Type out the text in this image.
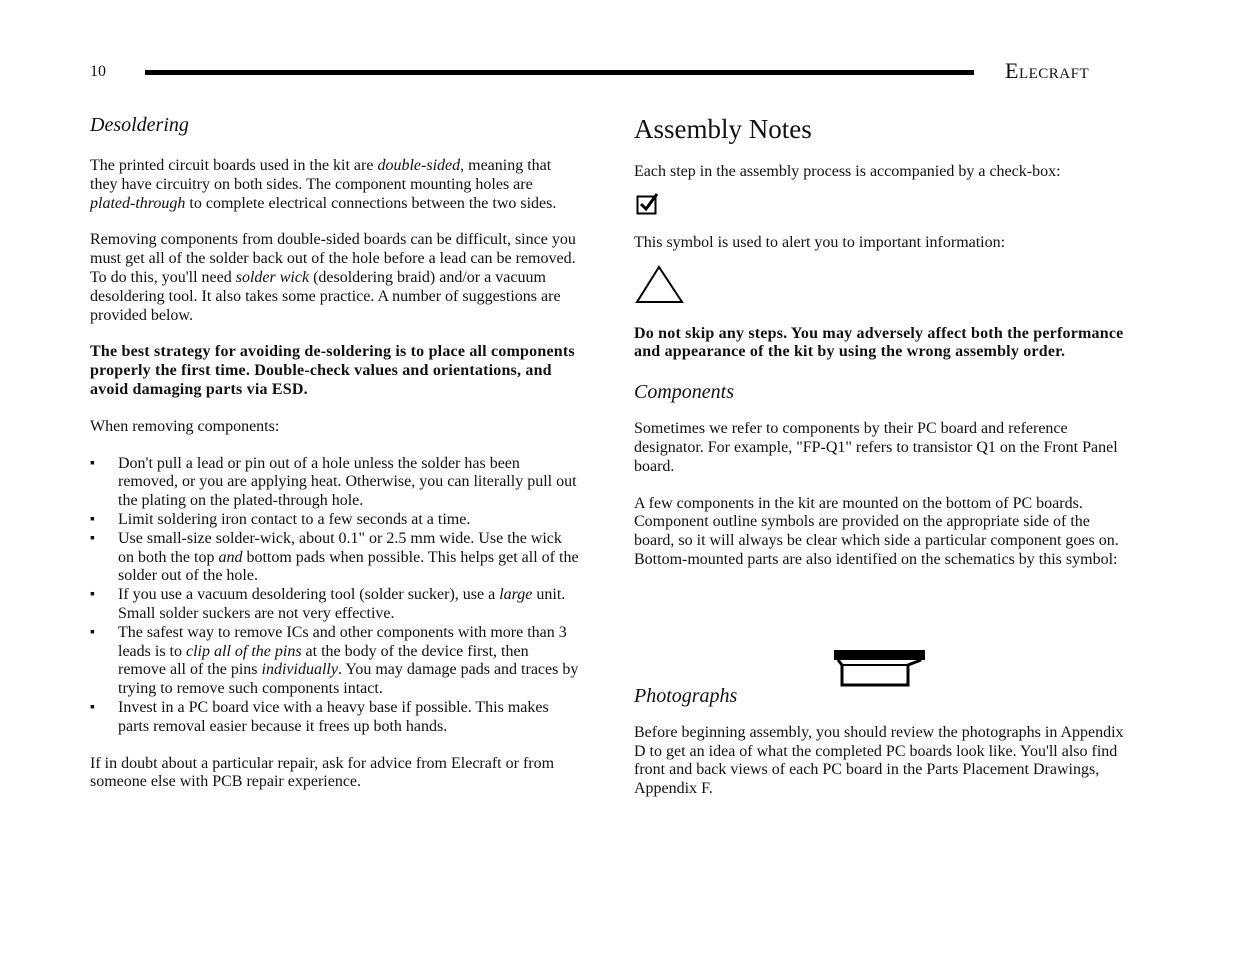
10	ELECRAFT
Desoldering

The printed circuit boards used in the kit are double-sided, meaning that they have circuitry on both sides. The component mounting holes are plated-through to complete electrical connections between the two sides.

Removing components from double-sided boards can be difficult, since you must get all of the solder back out of the hole before a lead can be removed. To do this, you'll need solder wick (desoldering braid) and/or a vacuum desoldering tool. It also takes some practice. A number of suggestions are provided below.

The best strategy for avoiding de-soldering is to place all components properly the first time. Double-check values and orientations, and avoid damaging parts via ESD.

When removing components:

▪ Don't pull a lead or pin out of a hole unless the solder has been removed, or you are applying heat. Otherwise, you can literally pull out the plating on the plated-through hole.
▪ Limit soldering iron contact to a few seconds at a time.
▪ Use small-size solder-wick, about 0.1" or 2.5 mm wide. Use the wick on both the top and bottom pads when possible. This helps get all of the solder out of the hole.
▪ If you use a vacuum desoldering tool (solder sucker), use a large unit. Small solder suckers are not very effective.
▪ The safest way to remove ICs and other components with more than 3 leads is to clip all of the pins at the body of the device first, then remove all of the pins individually. You may damage pads and traces by trying to remove such components intact.
▪ Invest in a PC board vice with a heavy base if possible. This makes parts removal easier because it frees up both hands.

If in doubt about a particular repair, ask for advice from Elecraft or from someone else with PCB repair experience.

Assembly Notes

Each step in the assembly process is accompanied by a check-box:

This symbol is used to alert you to important information:

Do not skip any steps. You may adversely affect both the performance and appearance of the kit by using the wrong assembly order.

Components

Sometimes we refer to components by their PC board and reference designator. For example, "FP-Q1" refers to transistor Q1 on the Front Panel board.

A few components in the kit are mounted on the bottom of PC boards. Component outline symbols are provided on the appropriate side of the board, so it will always be clear which side a particular component goes on. Bottom-mounted parts are also identified on the schematics by this symbol:

Photographs

Before beginning assembly, you should review the photographs in Appendix D to get an idea of what the completed PC boards look like. You'll also find front and back views of each PC board in the Parts Placement Drawings, Appendix F.
